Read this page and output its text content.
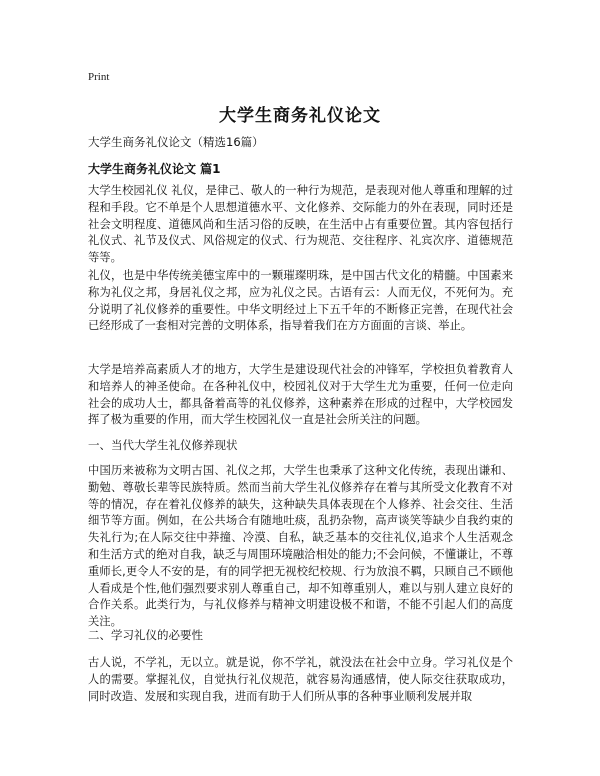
Print
大学生商务礼仪论文

大学生商务礼仪论文（精选16篇）

大学生商务礼仪论文 篇1

大学生校园礼仪 礼仪，是律己、敬人的一种行为规范，是表现对他人尊重和理解的过程和手段。它不单是个人思想道德水平、文化修养、交际能力的外在表现，同时还是社会文明程度、道德风尚和生活习俗的反映，在生活中占有重要位置。其内容包括行礼仪式、礼节及仪式、风俗规定的仪式、行为规范、交往程序、礼宾次序、道德规范等等。

礼仪，也是中华传统美德宝库中的一颗璀璨明珠，是中国古代文化的精髓。中国素来称为礼仪之邦，身居礼仪之邦，应为礼仪之民。古语有云：人而无仪，不死何为。充分说明了礼仪修养的重要性。中华文明经过上下五千年的不断修正完善，在现代社会已经形成了一套相对完善的文明体系，指导着我们在方方面面的言谈、举止。

大学是培养高素质人才的地方，大学生是建设现代社会的冲锋军，学校担负着教育人和培养人的神圣使命。在各种礼仪中，校园礼仪对于大学生尤为重要，任何一位走向社会的成功人士，都具备着高等的礼仪修养，这种素养在形成的过程中，大学校园发挥了极为重要的作用，而大学生校园礼仪一直是社会所关注的问题。

一、当代大学生礼仪修养现状

中国历来被称为文明古国、礼仪之邦，大学生也秉承了这种文化传统，表现出谦和、勤勉、尊敬长辈等民族特质。然而当前大学生礼仪修养存在着与其所受文化教育不对等的情况，存在着礼仪修养的缺失，这种缺失具体表现在个人修养、社会交往、生活细节等方面。例如，在公共场合有随地吐痰，乱扔杂物，高声谈笑等缺少自我约束的失礼行为;在人际交往中莽撞、冷漠、自私，缺乏基本的交往礼仪,追求个人生活观念和生活方式的绝对自我，缺乏与周围环境融洽相处的能力;不会问候，不懂谦让，不尊重师长,更令人不安的是，有的同学把无视校纪校规、行为放浪不羁，只顾自己不顾他人看成是个性,他们强烈要求别人尊重自己，却不知尊重别人，难以与别人建立良好的合作关系。此类行为，与礼仪修养与精神文明建设极不和谐，不能不引起人们的高度关注。

二、学习礼仪的必要性

古人说，不学礼，无以立。就是说，你不学礼，就没法在社会中立身。学习礼仪是个人的需要。掌握礼仪，自觉执行礼仪规范，就容易沟通感情，使人际交往获取成功，同时改造、发展和实现自我，进而有助于人们所从事的各种事业顺利发展并取
